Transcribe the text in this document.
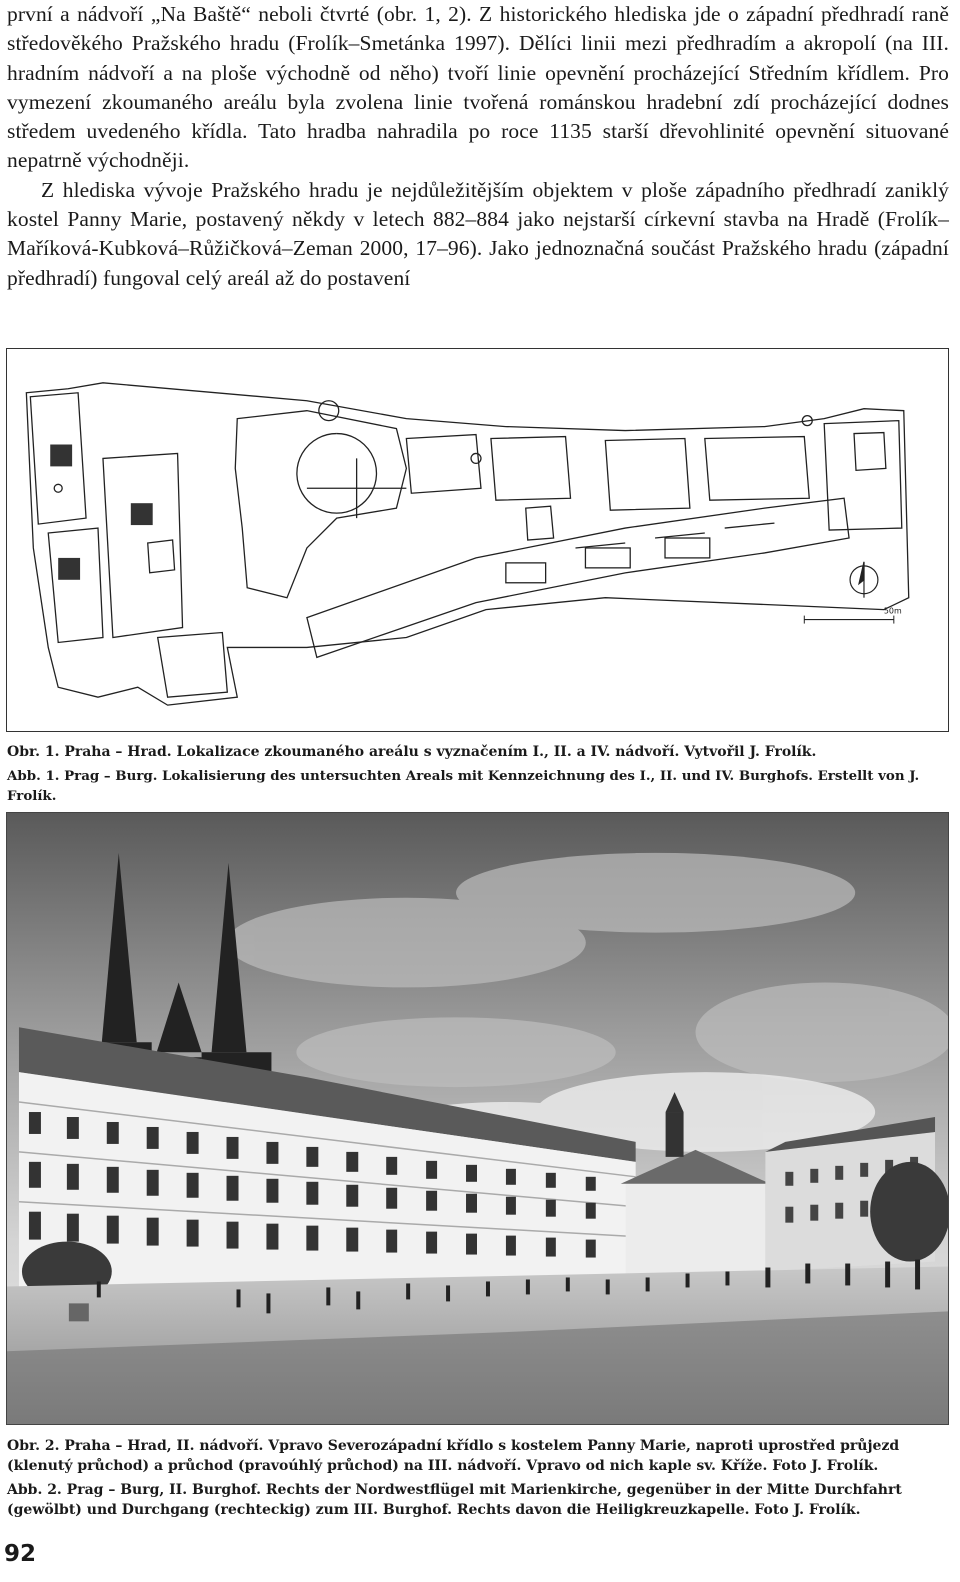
první a nádvoří „Na Baště“ neboli čtvrté (obr. 1, 2). Z historického hlediska jde o západní předhradí raně středověkého Pražského hradu (Frolík–Smetánka 1997). Dělíci linii mezi předhradím a akropolí (na III. hradním nádvoří a na ploše východně od něho) tvoří linie opevnění procházející Středním křídlem. Pro vymezení zkoumaného areálu byla zvolena linie tvořená románskou hradební zdí procházející dodnes středem uvedeného křídla. Tato hradba nahradila po roce 1135 starší dřevohlinité opevnění situované nepatrně východněji.

Z hlediska vývoje Pražského hradu je nejdůležitějším objektem v ploše západního předhradí zaniklý kostel Panny Marie, postavený někdy v letech 882–884 jako nejstarší církevní stavba na Hradě (Frolík–Maříková-Kubková–Růžičková–Zeman 2000, 17–96). Jako jednoznačná součást Pražského hradu (západní předhradí) fungoval celý areál až do postavení

50m
Obr. 1. Praha – Hrad. Lokalizace zkoumaného areálu s vyznačením I., II. a IV. nádvoří. Vytvořil J. Frolík.
Abb. 1. Prag – Burg. Lokalisierung des untersuchten Areals mit Kennzeichnung des I., II. und IV. Burghofs. Erstellt von J. Frolík.
Obr. 2. Praha – Hrad, II. nádvoří. Vpravo Severozápadní křídlo s kostelem Panny Marie, naproti uprostřed průjezd (klenutý průchod) a průchod (pravoúhlý průchod) na III. nádvoří. Vpravo od nich kaple sv. Kříže. Foto J. Frolík.
Abb. 2. Prag – Burg, II. Burghof. Rechts der Nordwestflügel mit Marienkirche, gegenüber in der Mitte Durchfahrt (gewölbt) und Durchgang (rechteckig) zum III. Burghof. Rechts davon die Heiligkreuzkapelle. Foto J. Frolík.
92
